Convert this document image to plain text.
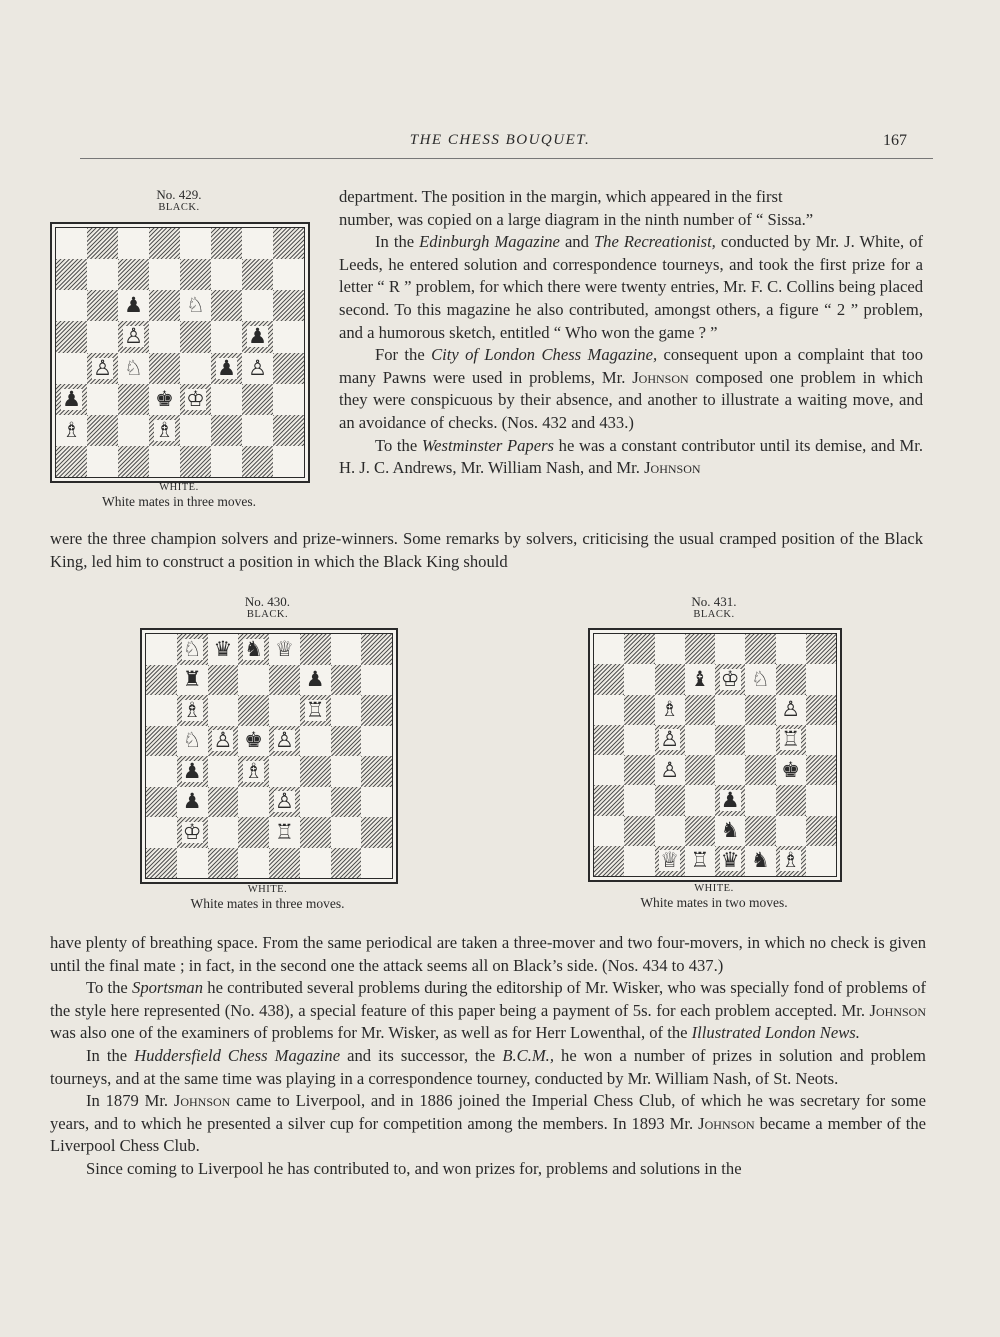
THE CHESS BOUQUET.	167
No. 429.
BLACK.
♟ ♘
♙	♟
♙ ♘	♟ ♙
♟	♚ ♔
♗	♗
WHITE.
White mates in three moves.
department. The position in the margin, which appeared in the first
number, was copied on a large diagram in the ninth number of “ Sissa.”

In the Edinburgh Magazine and The Recreationist, conducted by Mr. J. White, of Leeds, he entered solution and correspondence tourneys, and took the first prize for a letter “ R ” problem, for which there were twenty entries, Mr. F. C. Collins being placed second. To this magazine he also contributed, amongst others, a figure “ 2 ” problem, and a humorous sketch, entitled “ Who won the game ? ”

For the City of London Chess Magazine, consequent upon a complaint that too many Pawns were used in problems, Mr. Johnson composed one problem in which they were conspicuous by their absence, and another to illustrate a waiting move, and an avoidance of checks. (Nos. 432 and 433.)

To the Westminster Papers he was a constant contributor until its demise, and Mr. H. J. C. Andrews, Mr. William Nash, and Mr. Johnson

were the three champion solvers and prize-winners. Some remarks by solvers, criticising the usual cramped position of the Black King, led him to construct a position in which the Black King should

No. 430.
BLACK.
♘ ♛ ♞ ♕
♜	♟
♗	♖
♘ ♙ ♚ ♙
♟ ♗
♟	♙
♔	♖
WHITE.
White mates in three moves.
No. 431.
BLACK.
♝ ♔ ♘
♗	♙
♙	♖
♙	♚
♟
♞
♕ ♖ ♛ ♞ ♗
WHITE.
White mates in two moves.

have plenty of breathing space. From the same periodical are taken a three-mover and two four-movers, in which no check is given until the final mate ; in fact, in the second one the attack seems all on Black’s side. (Nos. 434 to 437.)

To the Sportsman he contributed several problems during the editorship of Mr. Wisker, who was specially fond of problems of the style here represented (No. 438), a special feature of this paper being a payment of 5s. for each problem accepted. Mr. Johnson was also one of the examiners of problems for Mr. Wisker, as well as for Herr Lowenthal, of the Illustrated London News.

In the Huddersfield Chess Magazine and its successor, the B.C.M., he won a number of prizes in solution and problem tourneys, and at the same time was playing in a correspondence tourney, conducted by Mr. William Nash, of St. Neots.

In 1879 Mr. Johnson came to Liverpool, and in 1886 joined the Imperial Chess Club, of which he was secretary for some years, and to which he presented a silver cup for competition among the members. In 1893 Mr. Johnson became a member of the Liverpool Chess Club.

Since coming to Liverpool he has contributed to, and won prizes for, problems and solutions in the
